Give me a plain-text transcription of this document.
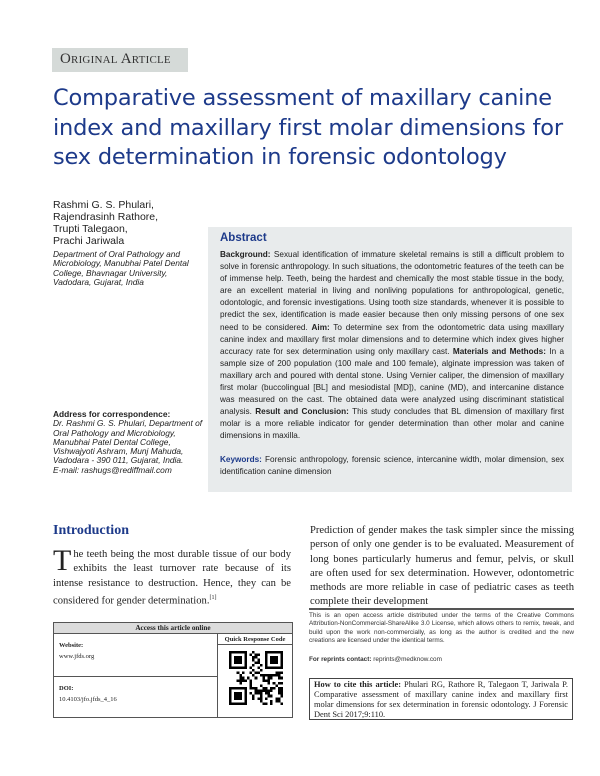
Original Article
Comparative assessment of maxillary canine index and maxillary first molar dimensions for sex determination in forensic odontology
Rashmi G. S. Phulari,
Rajendrasinh Rathore,
Trupti Talegaon,
Prachi Jariwala
Department of Oral Pathology and Microbiology, Manubhai Patel Dental College, Bhavnagar University, Vadodara, Gujarat, India
Address for correspondence:
Dr. Rashmi G. S. Phulari, Department of Oral Pathology and Microbiology, Manubhai Patel Dental College, Vishwajyoti Ashram, Munj Mahuda, Vadodara - 390 011, Gujarat, India.
E-mail: rashugs@rediffmail.com
Abstract

Background: Sexual identification of immature skeletal remains is still a difficult problem to solve in forensic anthropology. In such situations, the odontometric features of the teeth can be of immense help. Teeth, being the hardest and chemically the most stable tissue in the body, are an excellent material in living and nonliving populations for anthropological, genetic, odontologic, and forensic investigations. Using tooth size standards, whenever it is possible to predict the sex, identification is made easier because then only missing persons of one sex need to be considered. Aim: To determine sex from the odontometric data using maxillary canine index and maxillary first molar dimensions and to determine which index gives higher accuracy rate for sex determination using only maxillary cast. Materials and Methods: In a sample size of 200 population (100 male and 100 female), alginate impression was taken of maxillary arch and poured with dental stone. Using Vernier caliper, the dimension of maxillary first molar (buccolingual [BL] and mesiodistal [MD]), canine (MD), and intercanine distance was measured on the cast. The obtained data were analyzed using discriminant statistical analysis. Result and Conclusion: This study concludes that BL dimension of maxillary first molar is a more reliable indicator for gender determination than other molar and canine dimensions in maxilla.

Keywords: Forensic anthropology, forensic science, intercanine width, molar dimension, sex identification canine dimension

Introduction

The teeth being the most durable tissue of our body exhibits the least turnover rate because of its intense resistance to destruction. Hence, they can be considered for gender determination.[1]

Prediction of gender makes the task simpler since the missing person of only one gender is to be evaluated. Measurement of long bones particularly humerus and femur, pelvis, or skull are often used for sex determination. However, odontometric methods are more reliable in case of pediatric cases as teeth complete their development

This is an open access article distributed under the terms of the Creative Commons Attribution-NonCommercial-ShareAlike 3.0 License, which allows others to remix, tweak, and build upon the work non-commercially, as long as the author is credited and the new creations are licensed under the identical terms.

For reprints contact: reprints@medknow.com

How to cite this article: Phulari RG, Rathore R, Talegaon T, Jariwala P. Comparative assessment of maxillary canine index and maxillary first molar dimensions for sex determination in forensic odontology. J Forensic Dent Sci 2017;9:110.
Access this article online
Website:
www.jfds.org
DOI:
10.4103/jfo.jfds_4_16
Quick Response Code
